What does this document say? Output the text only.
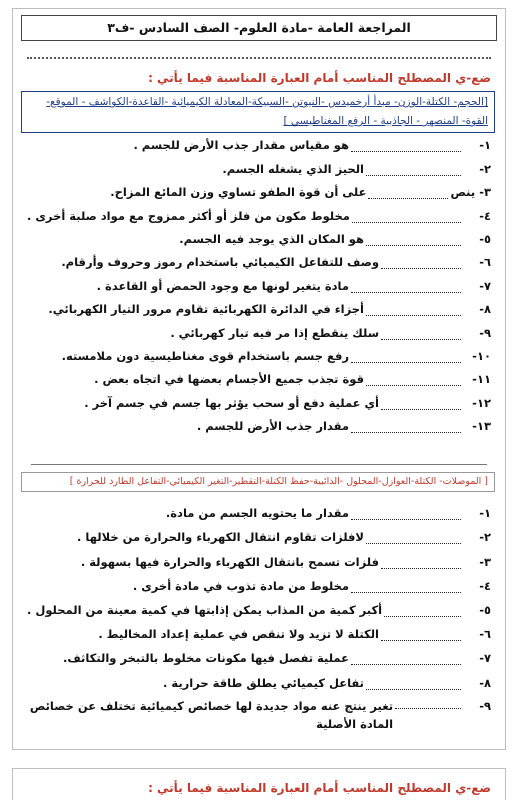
المراجعة العامة -مادة العلوم- الصف السادس -ف٣
ضع-ي المصطلح المناسب أمام العبارة المناسبة فيما يأتي :
[الحجم- الكتلة-الوزن- مبدأ أرخميدس -النيوتن -السبيكة-المعادلة الكيميائية -القاعدة-الكواشف - الموقع- القوة- المنصهر - الجاذبية - الرفع المغناطيسي ]
١-
هو مقياس مقدار جذب الأرض للجسم .
٢-
الحيز الذي يشغله الجسم.
٣- ينص
على أن قوة الطفو تساوي وزن المائع المزاح.
٤-
مخلوط مكون من فلز أو أكثر ممزوج مع مواد صلبة أخرى .
٥-
هو المكان الذي يوجد فيه الجسم.
٦-
وصف للتفاعل الكيميائي باستخدام رموز وحروف وأرقام.
٧-
مادة يتغير لونها مع وجود الحمض أو القاعدة .
٨-
أجزاء في الدائرة الكهربائية تقاوم مرور التيار الكهربائي.
٩-
سلك ينقطع إذا مر فيه تيار كهربائي .
١٠-
رفع جسم باستخدام قوى مغناطيسية دون ملامسته.
١١-
قوة تجذب جميع الأجسام بعضها في اتجاه بعض .
١٢-
أي عملية دفع أو سحب يؤثر بها جسم في جسم آخر .
١٣-
مقدار جذب الأرض للجسم .
[ الموصلات- الكتلة-العوازل-المحلول -الذائبية-حفظ الكتلة-التقطير-التغير الكيميائي-التفاعل الطارد للحرارة ]
١-
مقدار ما يحتويه الجسم من مادة.
٢-
لافلزات تقاوم انتقال الكهرباء والحرارة من خلالها .
٣-
فلزات تسمح بانتقال الكهرباء والحرارة فيها بسهولة .
٤-
مخلوط من مادة تذوب في مادة أخرى .
٥-
أكبر كمية من المذاب يمكن إذابتها في كمية معينة من المحلول .
٦-
الكتلة لا تزيد ولا تنقص في عملية إعداد المخاليط .
٧-
عملية تفصل فيها مكونات مخلوط بالتبخر والتكاثف.
٨-
تفاعل كيميائي يطلق طاقة حرارية .
٩-
تغير ينتج عنه مواد جديدة لها خصائص كيميائية تختلف عن خصائص المادة الأصلية
ضع-ي المصطلح المناسب أمام العبارة المناسبة فيما يأتي :
